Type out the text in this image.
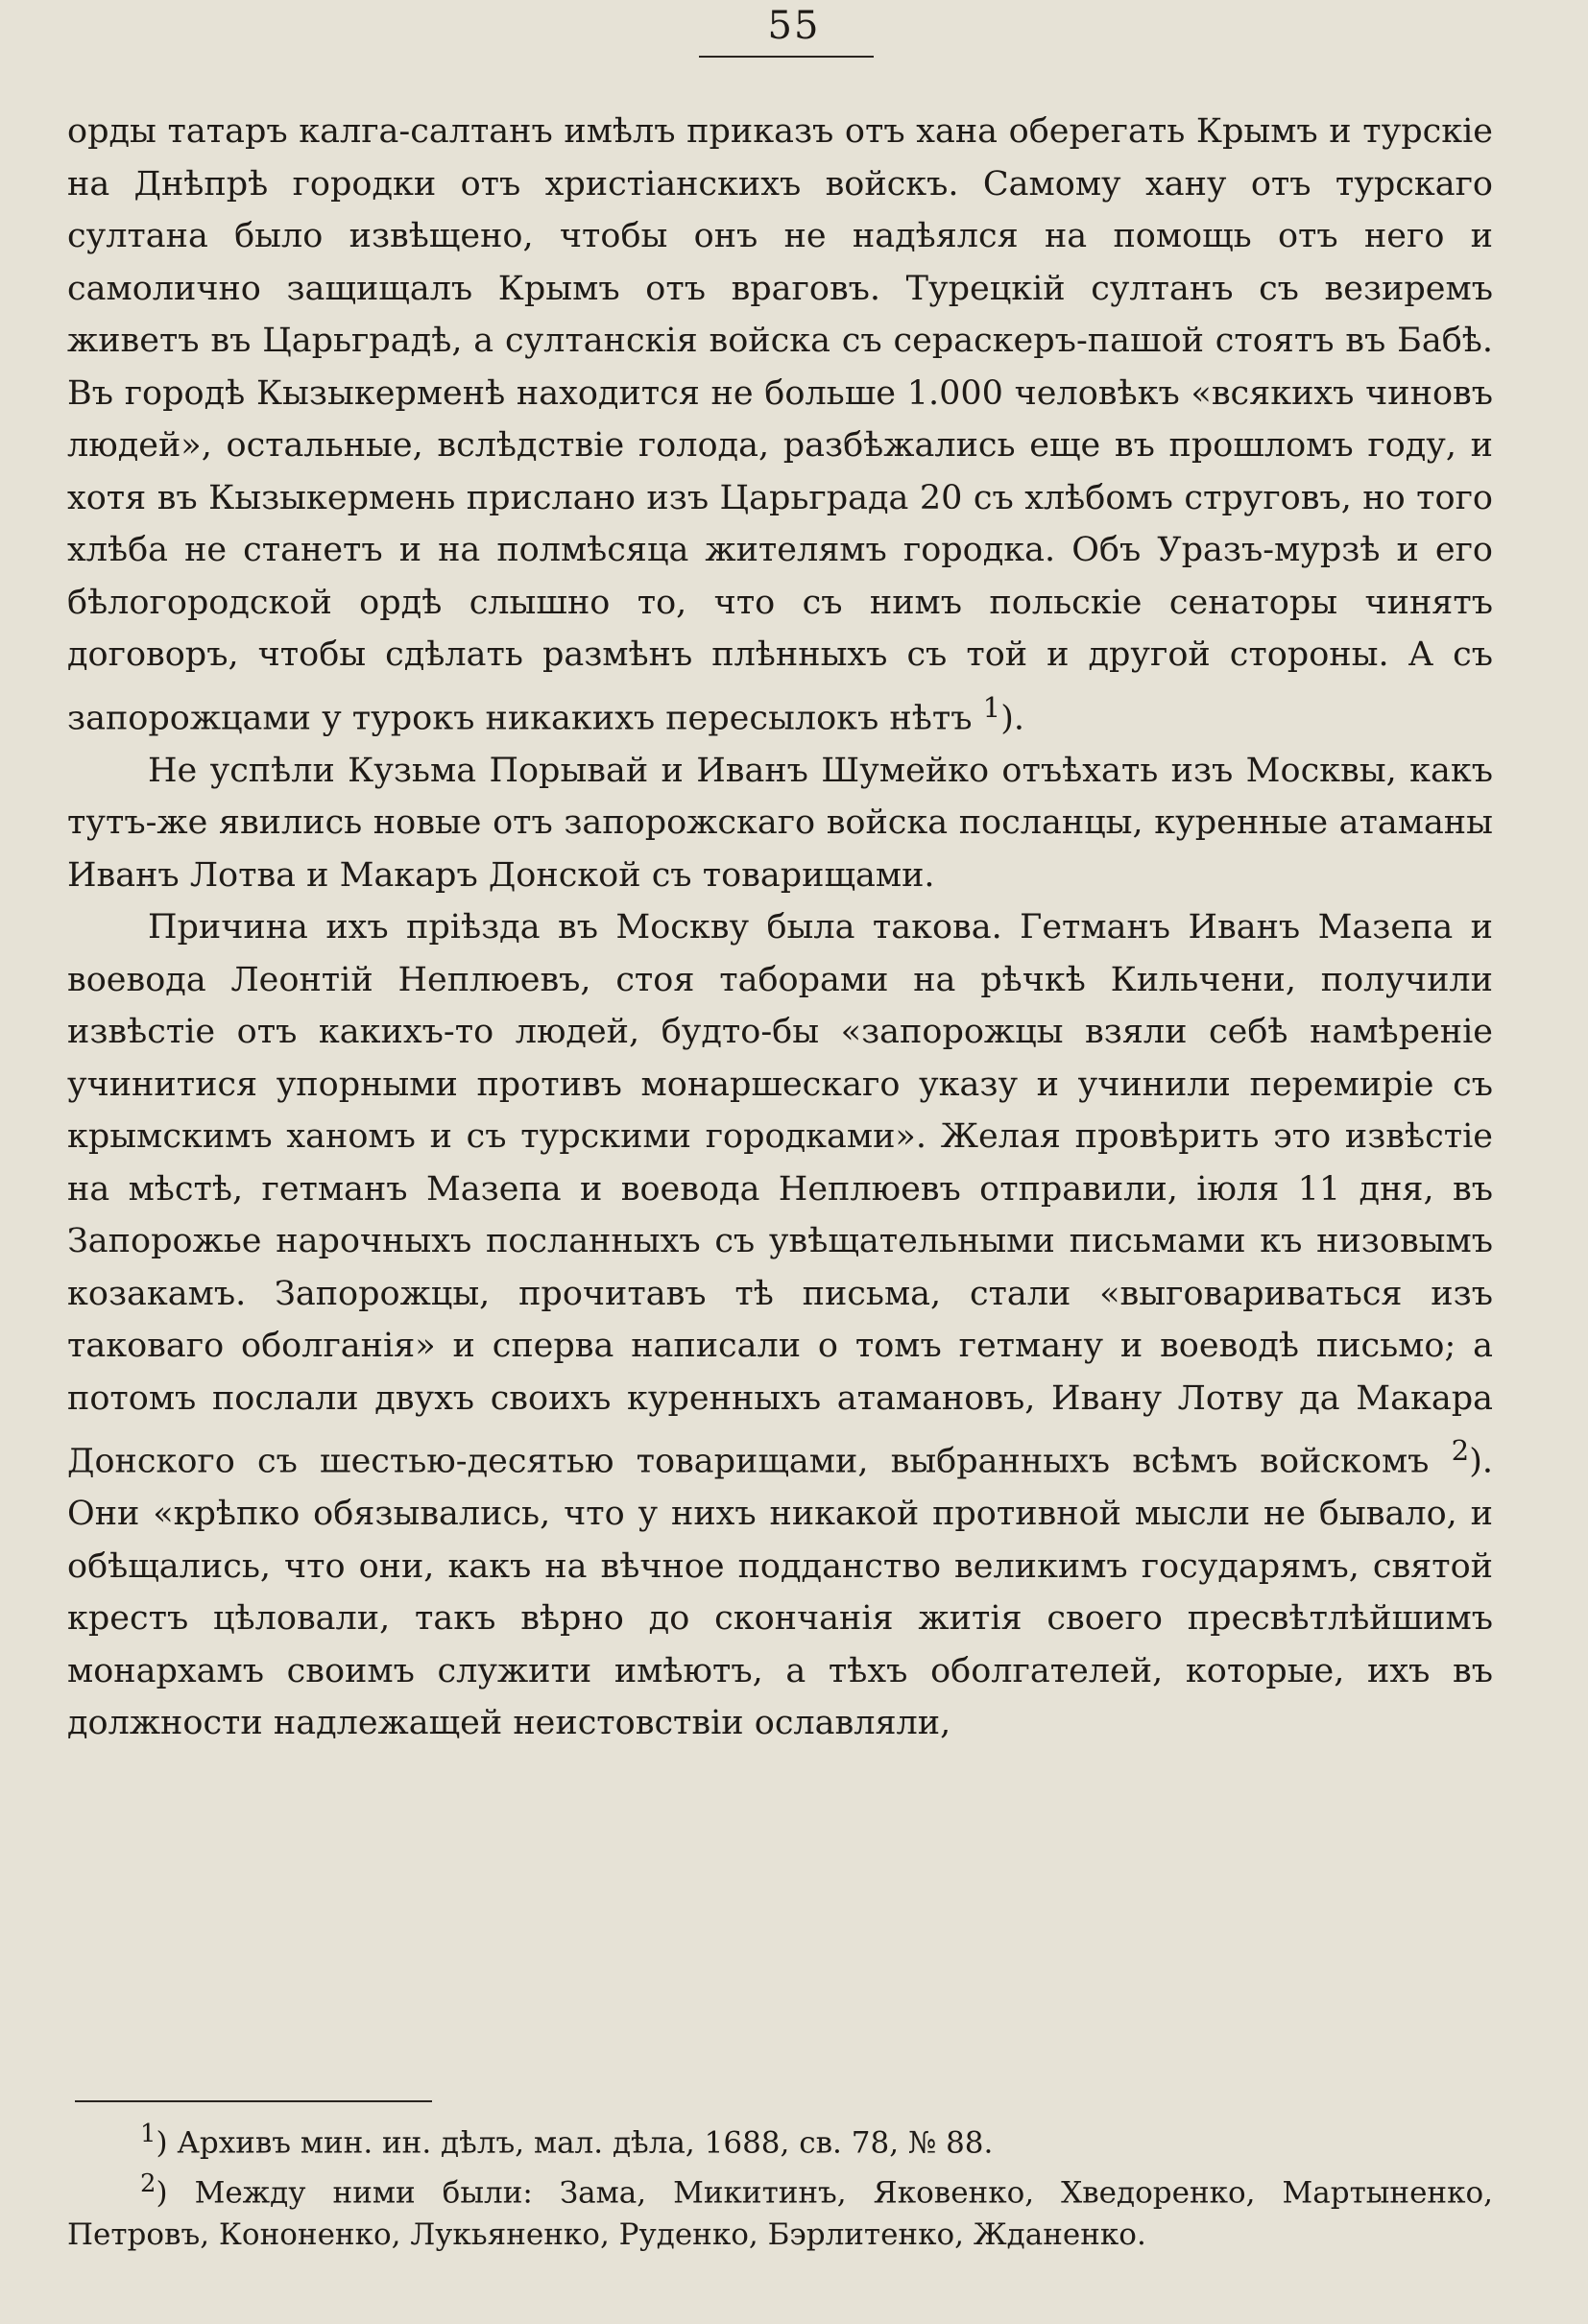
55

орды татаръ калга-салтанъ имѣлъ приказъ отъ хана оберегать Крымъ и турскіе на Днѣпрѣ городки отъ христіанскихъ войскъ. Самому хану отъ турскаго султана было извѣщено, чтобы онъ не надѣялся на помощь отъ него и самолично защищалъ Крымъ отъ враговъ. Турецкій султанъ съ везиремъ живетъ въ Царьградѣ, а султанскія войска съ сераскеръ-пашой стоятъ въ Бабѣ. Въ городѣ Кызыкерменѣ находится не больше 1.000 человѣкъ «всякихъ чиновъ людей», остальные, вслѣдствіе голода, разбѣжались еще въ прошломъ году, и хотя въ Кызыкермень прислано изъ Царьграда 20 съ хлѣбомъ струговъ, но того хлѣба не станетъ и на полмѣсяца жителямъ городка. Объ Уразъ-мурзѣ и его бѣлогородской ордѣ слышно то, что съ нимъ польскіе сенаторы чинятъ договоръ, чтобы сдѣлать размѣнъ плѣнныхъ съ той и другой стороны. А съ запорожцами у турокъ никакихъ пересылокъ нѣтъ $^1$).

Не успѣли Кузьма Порывай и Иванъ Шумейко отъѣхать изъ Москвы, какъ тутъ-же явились новые отъ запорожскаго войска посланцы, куренные атаманы Иванъ Лотва и Макаръ Донской съ товарищами.

Причина ихъ пріѣзда въ Москву была такова. Гетманъ Иванъ Мазепа и воевода Леонтій Неплюевъ, стоя таборами на рѣчкѣ Кильчени, получили извѣстіе отъ какихъ-то людей, будто-бы «запорожцы взяли себѣ намѣреніе учинитися упорными противъ монаршескаго указу и учинили перемиріе съ крымскимъ ханомъ и съ турскими городками». Желая провѣрить это извѣстіе на мѣстѣ, гетманъ Мазепа и воевода Неплюевъ отправили, іюля 11 дня, въ Запорожье нарочныхъ посланныхъ съ увѣщательными письмами къ низовымъ козакамъ. Запорожцы, прочитавъ тѣ письма, стали «выговариваться изъ таковаго оболганія» и сперва написали о томъ гетману и воеводѣ письмо; а потомъ послали двухъ своихъ куренныхъ атамановъ, Ивану Лотву да Макара Донского съ шестью-десятью товарищами, выбранныхъ всѣмъ войскомъ $^2$). Они «крѣпко обязывались, что у нихъ никакой противной мысли не бывало, и обѣщались, что они, какъ на вѣчное подданство великимъ государямъ, святой крестъ цѣловали, такъ вѣрно до скончанія житія своего пресвѣтлѣйшимъ монархамъ своимъ служити имѣютъ, а тѣхъ оболгателей, которые, ихъ въ должности надлежащей неистовствіи ославляли,

$^1$) Архивъ мин. ин. дѣлъ, мал. дѣла, 1688, св. 78, № 88.

$^2$) Между ними были: Зама, Микитинъ, Яковенко, Хведоренко, Мартыненко, Петровъ, Кононенко, Лукьяненко, Руденко, Бэрлитенко, Жданенко.
